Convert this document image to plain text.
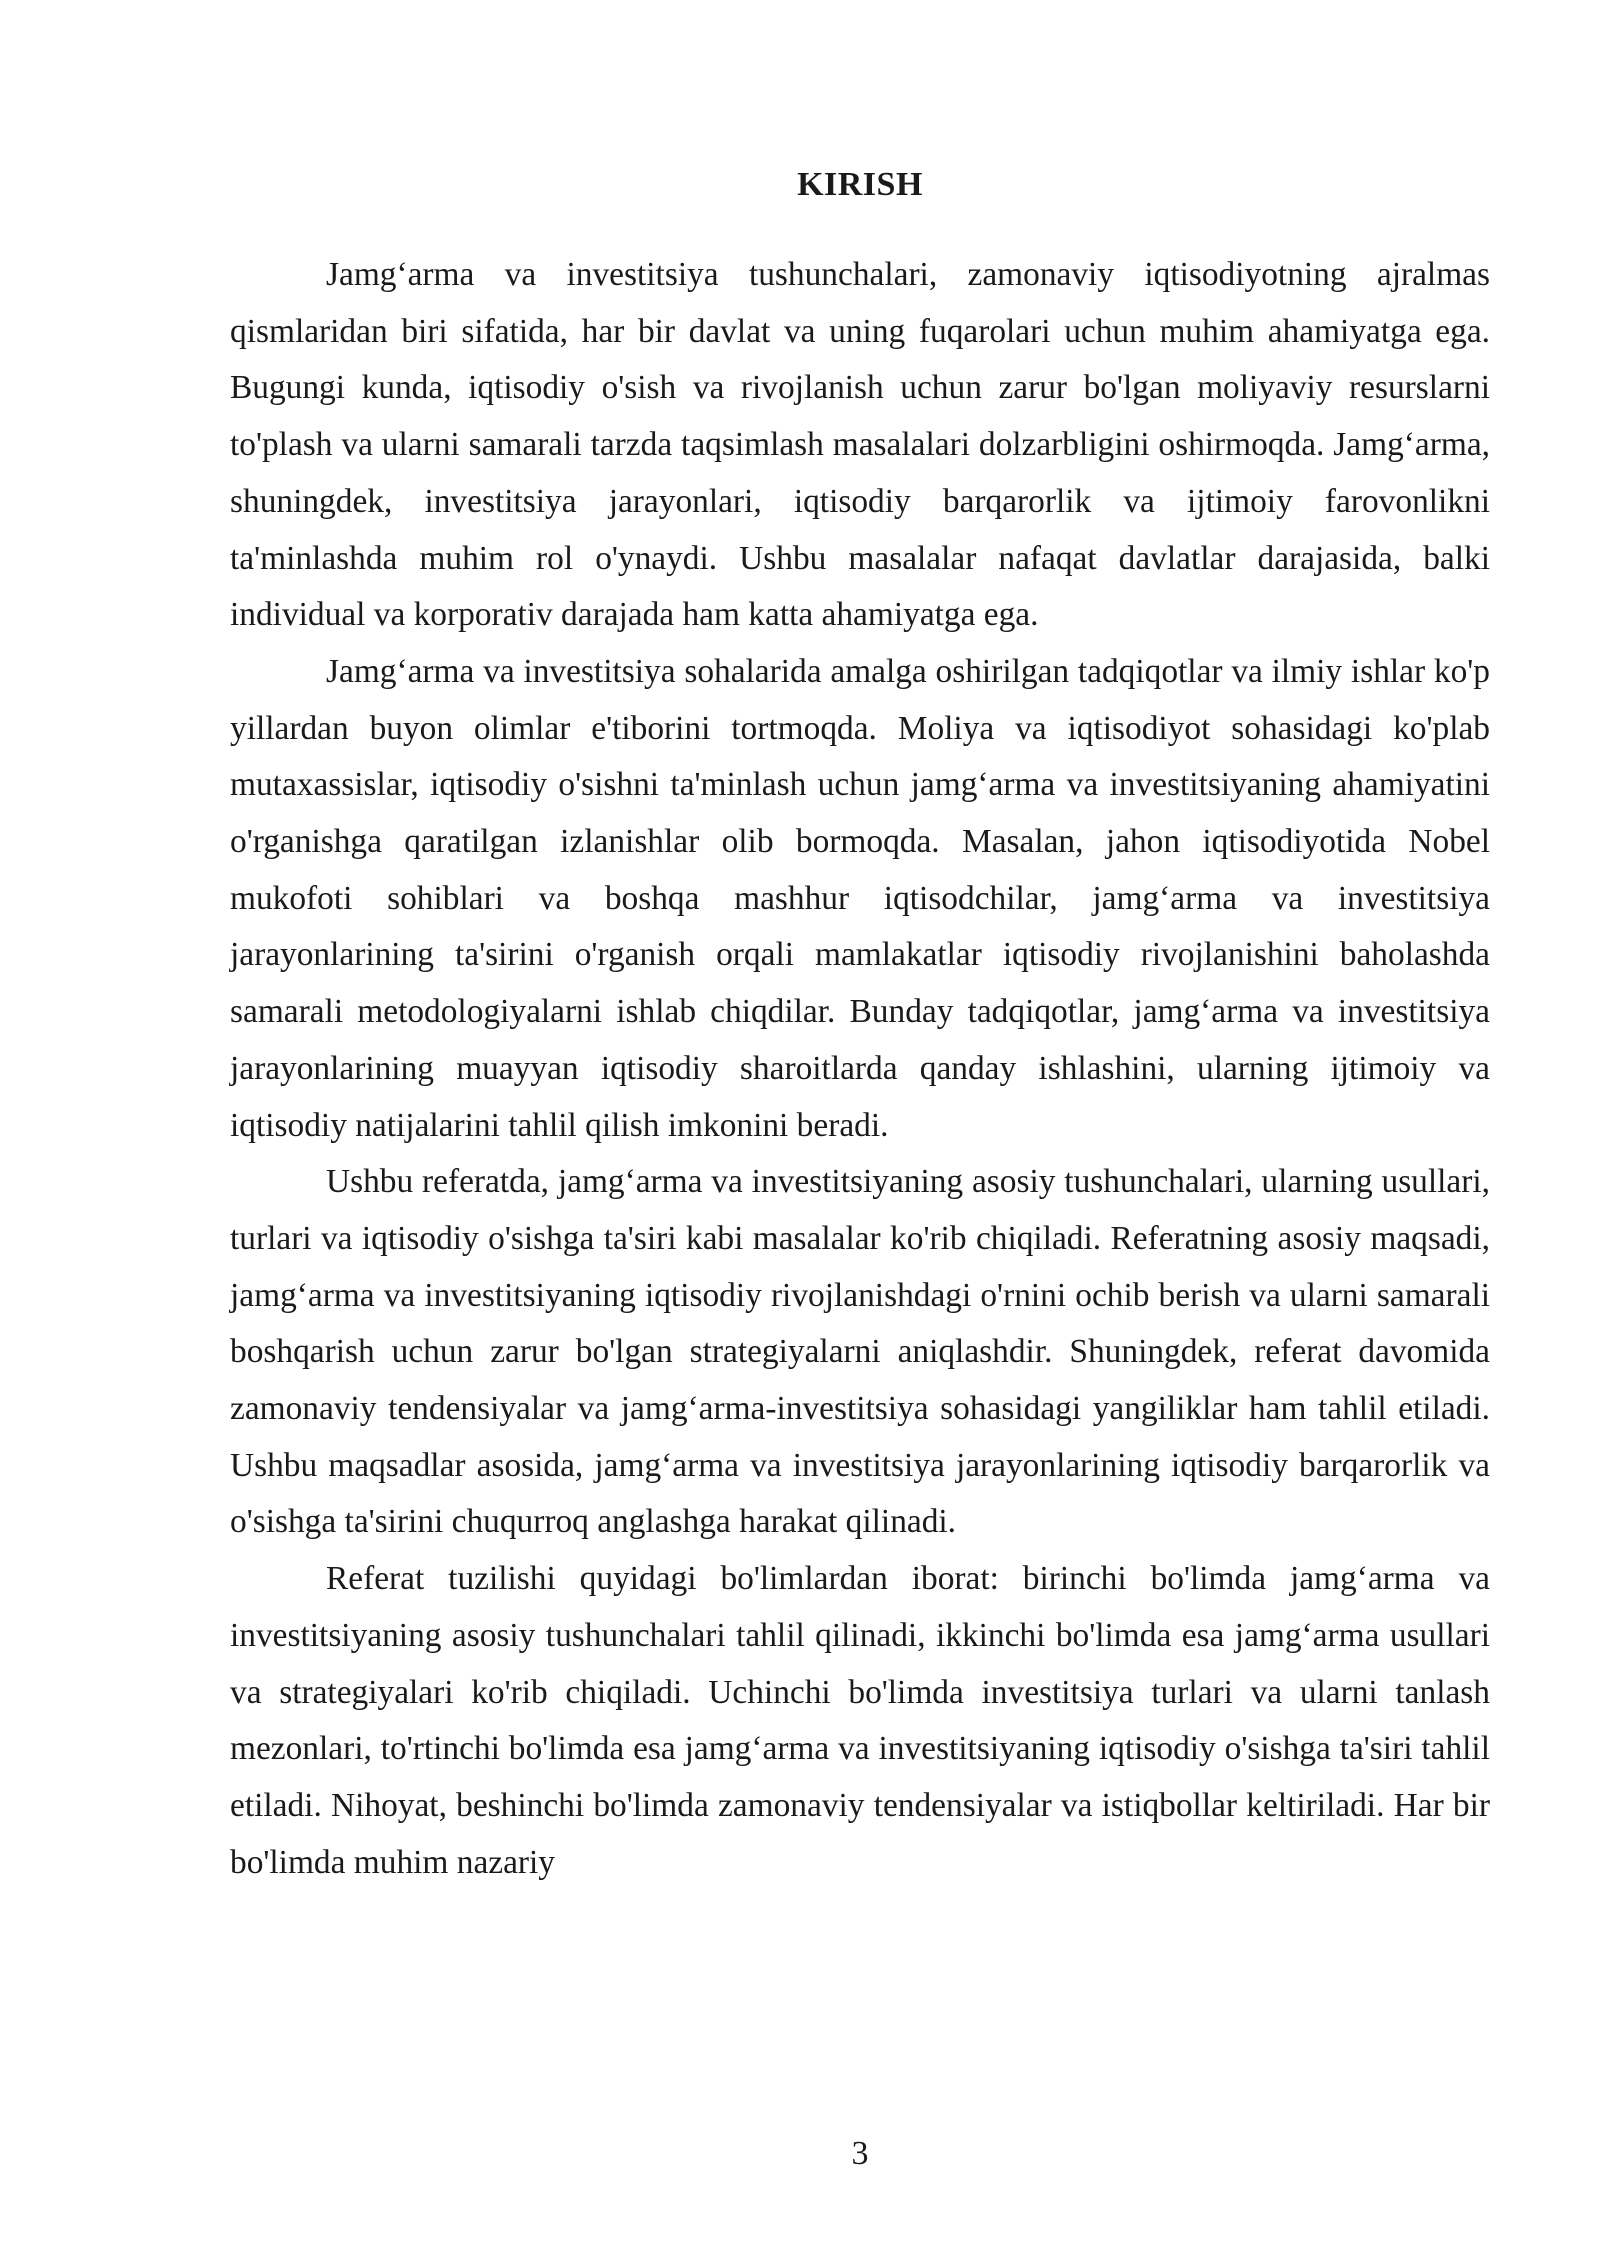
KIRISH

Jamg‘arma va investitsiya tushunchalari, zamonaviy iqtisodiyotning ajralmas qismlaridan biri sifatida, har bir davlat va uning fuqarolari uchun muhim ahamiyatga ega. Bugungi kunda, iqtisodiy o'sish va rivojlanish uchun zarur bo'lgan moliyaviy resurslarni to'plash va ularni samarali tarzda taqsimlash masalalari dolzarbligini oshirmoqda. Jamg‘arma, shuningdek, investitsiya jarayonlari, iqtisodiy barqarorlik va ijtimoiy farovonlikni ta'minlashda muhim rol o'ynaydi. Ushbu masalalar nafaqat davlatlar darajasida, balki individual va korporativ darajada ham katta ahamiyatga ega.

Jamg‘arma va investitsiya sohalarida amalga oshirilgan tadqiqotlar va ilmiy ishlar ko'p yillardan buyon olimlar e'tiborini tortmoqda. Moliya va iqtisodiyot sohasidagi ko'plab mutaxassislar, iqtisodiy o'sishni ta'minlash uchun jamg‘arma va investitsiyaning ahamiyatini o'rganishga qaratilgan izlanishlar olib bormoqda. Masalan, jahon iqtisodiyotida Nobel mukofoti sohiblari va boshqa mashhur iqtisodchilar, jamg‘arma va investitsiya jarayonlarining ta'sirini o'rganish orqali mamlakatlar iqtisodiy rivojlanishini baholashda samarali metodologiyalarni ishlab chiqdilar. Bunday tadqiqotlar, jamg‘arma va investitsiya jarayonlarining muayyan iqtisodiy sharoitlarda qanday ishlashini, ularning ijtimoiy va iqtisodiy natijalarini tahlil qilish imkonini beradi.

Ushbu referatda, jamg‘arma va investitsiyaning asosiy tushunchalari, ularning usullari, turlari va iqtisodiy o'sishga ta'siri kabi masalalar ko'rib chiqiladi. Referatning asosiy maqsadi, jamg‘arma va investitsiyaning iqtisodiy rivojlanishdagi o'rnini ochib berish va ularni samarali boshqarish uchun zarur bo'lgan strategiyalarni aniqlashdir. Shuningdek, referat davomida zamonaviy tendensiyalar va jamg‘arma-investitsiya sohasidagi yangiliklar ham tahlil etiladi. Ushbu maqsadlar asosida, jamg‘arma va investitsiya jarayonlarining iqtisodiy barqarorlik va o'sishga ta'sirini chuqurroq anglashga harakat qilinadi.

Referat tuzilishi quyidagi bo'limlardan iborat: birinchi bo'limda jamg‘arma va investitsiyaning asosiy tushunchalari tahlil qilinadi, ikkinchi bo'limda esa jamg‘arma usullari va strategiyalari ko'rib chiqiladi. Uchinchi bo'limda investitsiya turlari va ularni tanlash mezonlari, to'rtinchi bo'limda esa jamg‘arma va investitsiyaning iqtisodiy o'sishga ta'siri tahlil etiladi. Nihoyat, beshinchi bo'limda zamonaviy tendensiyalar va istiqbollar keltiriladi. Har bir bo'limda muhim nazariy

3
